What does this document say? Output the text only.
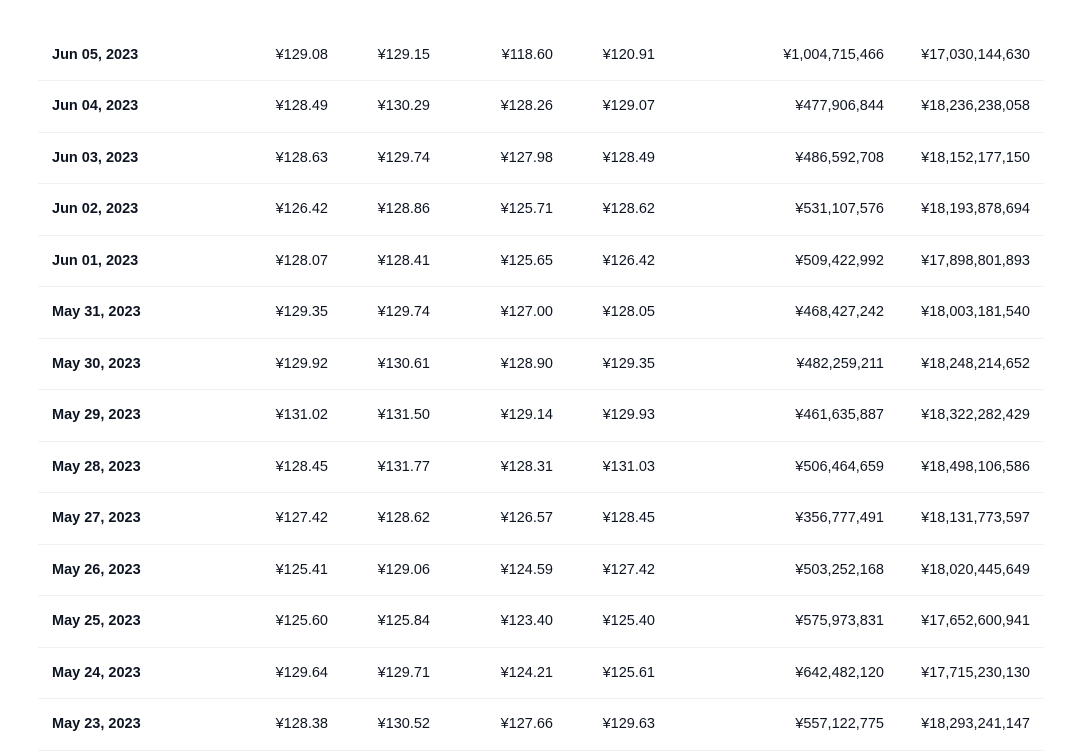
Jun 05, 2023	¥129.08	¥129.15	¥118.60	¥120.91	¥1,004,715,466	¥17,030,144,630
Jun 04, 2023	¥128.49	¥130.29	¥128.26	¥129.07	¥477,906,844	¥18,236,238,058
Jun 03, 2023	¥128.63	¥129.74	¥127.98	¥128.49	¥486,592,708	¥18,152,177,150
Jun 02, 2023	¥126.42	¥128.86	¥125.71	¥128.62	¥531,107,576	¥18,193,878,694
Jun 01, 2023	¥128.07	¥128.41	¥125.65	¥126.42	¥509,422,992	¥17,898,801,893
May 31, 2023	¥129.35	¥129.74	¥127.00	¥128.05	¥468,427,242	¥18,003,181,540
May 30, 2023	¥129.92	¥130.61	¥128.90	¥129.35	¥482,259,211	¥18,248,214,652
May 29, 2023	¥131.02	¥131.50	¥129.14	¥129.93	¥461,635,887	¥18,322,282,429
May 28, 2023	¥128.45	¥131.77	¥128.31	¥131.03	¥506,464,659	¥18,498,106,586
May 27, 2023	¥127.42	¥128.62	¥126.57	¥128.45	¥356,777,491	¥18,131,773,597
May 26, 2023	¥125.41	¥129.06	¥124.59	¥127.42	¥503,252,168	¥18,020,445,649
May 25, 2023	¥125.60	¥125.84	¥123.40	¥125.40	¥575,973,831	¥17,652,600,941
May 24, 2023	¥129.64	¥129.71	¥124.21	¥125.61	¥642,482,120	¥17,715,230,130
May 23, 2023	¥128.38	¥130.52	¥127.66	¥129.63	¥557,122,775	¥18,293,241,147
